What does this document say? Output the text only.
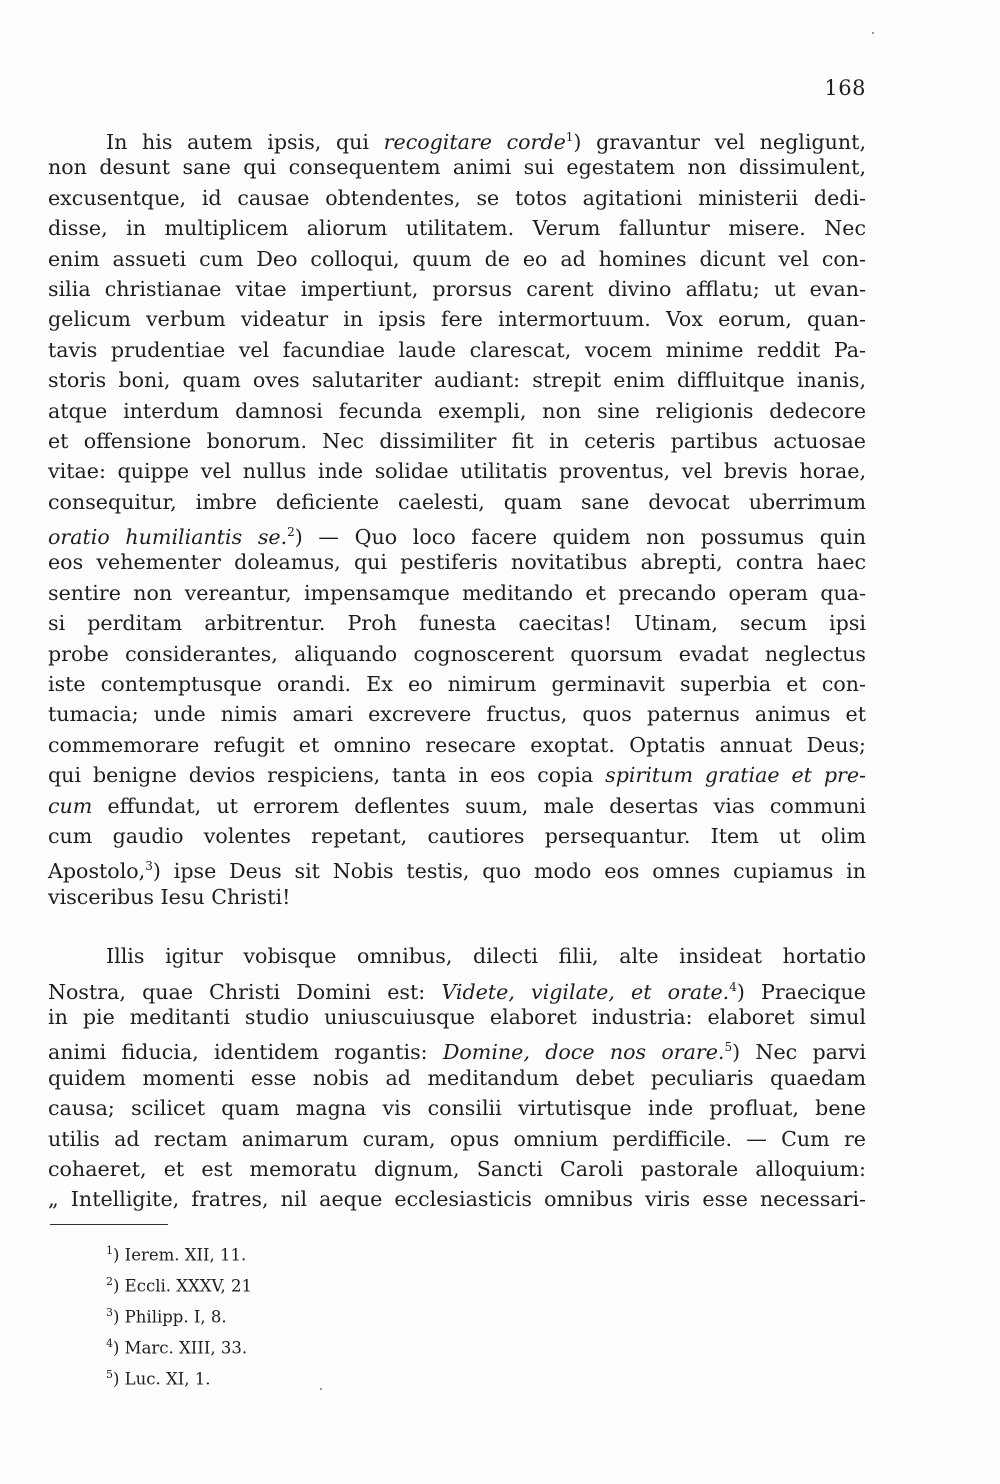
168
In his autem ipsis, qui recogitare corde$^1$) gravantur vel negligunt,
non desunt sane qui consequentem animi sui egestatem non dissimulent,
excusentque, id causae obtendentes, se totos agitationi ministerii dedi-
disse, in multiplicem aliorum utilitatem. Verum falluntur misere. Nec
enim assueti cum Deo colloqui, quum de eo ad homines dicunt vel con-
silia christianae vitae impertiunt, prorsus carent divino afflatu; ut evan-
gelicum verbum videatur in ipsis fere intermortuum. Vox eorum, quan-
tavis prudentiae vel facundiae laude clarescat, vocem minime reddit Pa-
storis boni, quam oves salutariter audiant: strepit enim diffluitque inanis,
atque interdum damnosi fecunda exempli, non sine religionis dedecore
et offensione bonorum. Nec dissimiliter fit in ceteris partibus actuosae
vitae: quippe vel nullus inde solidae utilitatis proventus, vel brevis horae,
consequitur, imbre deficiente caelesti, quam sane devocat uberrimum
oratio humiliantis se.$^2$) — Quo loco facere quidem non possumus quin
eos vehementer doleamus, qui pestiferis novitatibus abrepti, contra haec
sentire non vereantur, impensamque meditando et precando operam qua-
si perditam arbitrentur. Proh funesta caecitas! Utinam, secum ipsi
probe considerantes, aliquando cognoscerent quorsum evadat neglectus
iste contemptusque orandi. Ex eo nimirum germinavit superbia et con-
tumacia; unde nimis amari excrevere fructus, quos paternus animus et
commemorare refugit et omnino resecare exoptat. Optatis annuat Deus;
qui benigne devios respiciens, tanta in eos copia spiritum gratiae et pre-
cum effundat, ut errorem deflentes suum, male desertas vias communi
cum gaudio volentes repetant, cautiores persequantur. Item ut olim
Apostolo,$^3$) ipse Deus sit Nobis testis, quo modo eos omnes cupiamus in
visceribus Iesu Christi!
Illis igitur vobisque omnibus, dilecti filii, alte insideat hortatio
Nostra, quae Christi Domini est: Videte, vigilate, et orate.$^4$) Praecique
in pie meditanti studio uniuscuiusque elaboret industria: elaboret simul
animi fiducia, identidem rogantis: Domine, doce nos orare.$^5$) Nec parvi
quidem momenti esse nobis ad meditandum debet peculiaris quaedam
causa; scilicet quam magna vis consilii virtutisque inde profluat, bene
utilis ad rectam animarum curam, opus omnium perdifficile. — Cum re
cohaeret, et est memoratu dignum, Sancti Caroli pastorale alloquium:
„ Intelligite, fratres, nil aeque ecclesiasticis omnibus viris esse necessari-
$^1$) Ierem. XII, 11.
$^2$) Eccli. XXXV, 21
$^3$) Philipp. I, 8.
$^4$) Marc. XIII, 33.
$^5$) Luc. XI, 1.
